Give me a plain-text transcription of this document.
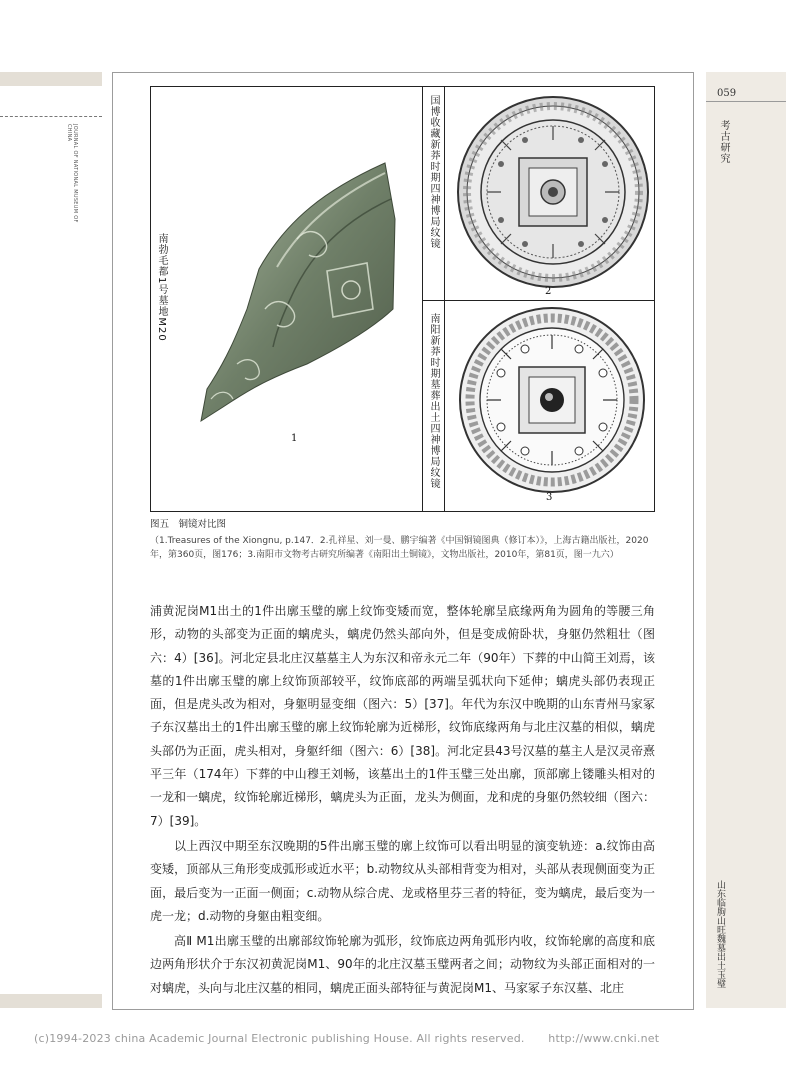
JOURNAL OF NATIONAL MUSEUM OF CHINA
059
考古研究
山东临朐山旺魏墓出土玉璧
南勃毛都1号墓地M20
国博收藏新莽时期四神博局纹镜
南阳新莽时期墓葬出土四神博局纹镜
1
2
3
图五　铜镜对比图
（1.Treasures of the Xiongnu, p.147．2.孔祥星、刘一曼、鹏宇编著《中国铜镜图典（修订本）》，上海古籍出版社，2020年，第360页，图176；3.南阳市文物考古研究所编著《南阳出土铜镜》，文物出版社，2010年，第81页，图一九六）

浦黄泥岗M1出土的1件出廓玉璧的廓上纹饰变矮而宽，整体轮廓呈底缘两角为圆角的等腰三角形，动物的头部变为正面的螭虎头，螭虎仍然头部向外，但是变成俯卧状，身躯仍然粗壮（图六：4）[36]。河北定县北庄汉墓墓主人为东汉和帝永元二年（90年）下葬的中山简王刘焉，该墓的1件出廓玉璧的廓上纹饰顶部较平，纹饰底部的两端呈弧状向下延伸；螭虎头部仍表现正面，但是虎头改为相对，身躯明显变细（图六：5）[37]。年代为东汉中晚期的山东青州马家冢子东汉墓出土的1件出廓玉璧的廓上纹饰轮廓为近梯形，纹饰底缘两角与北庄汉墓的相似，螭虎头部仍为正面，虎头相对，身躯纤细（图六：6）[38]。河北定县43号汉墓的墓主人是汉灵帝熹平三年（174年）下葬的中山穆王刘畅，该墓出土的1件玉璧三处出廓，顶部廓上镂雕头相对的一龙和一螭虎，纹饰轮廓近梯形，螭虎头为正面，龙头为侧面，龙和虎的身躯仍然较细（图六：7）[39]。

以上西汉中期至东汉晚期的5件出廓玉璧的廓上纹饰可以看出明显的演变轨迹：a.纹饰由高变矮，顶部从三角形变成弧形或近水平；b.动物纹从头部相背变为相对，头部从表现侧面变为正面，最后变为一正面一侧面；c.动物从综合虎、龙或格里芬三者的特征，变为螭虎，最后变为一虎一龙；d.动物的身躯由粗变细。

高Ⅱ M1出廓玉璧的出廓部纹饰轮廓为弧形，纹饰底边两角弧形内收，纹饰轮廓的高度和底边两角形状介于东汉初黄泥岗M1、90年的北庄汉墓玉璧两者之间；动物纹为头部正面相对的一对螭虎，头向与北庄汉墓的相同，螭虎正面头部特征与黄泥岗M1、马家冢子东汉墓、北庄

(c)1994-2023 china Academic Journal Electronic publishing House. All rights reserved. http://www.cnki.net
